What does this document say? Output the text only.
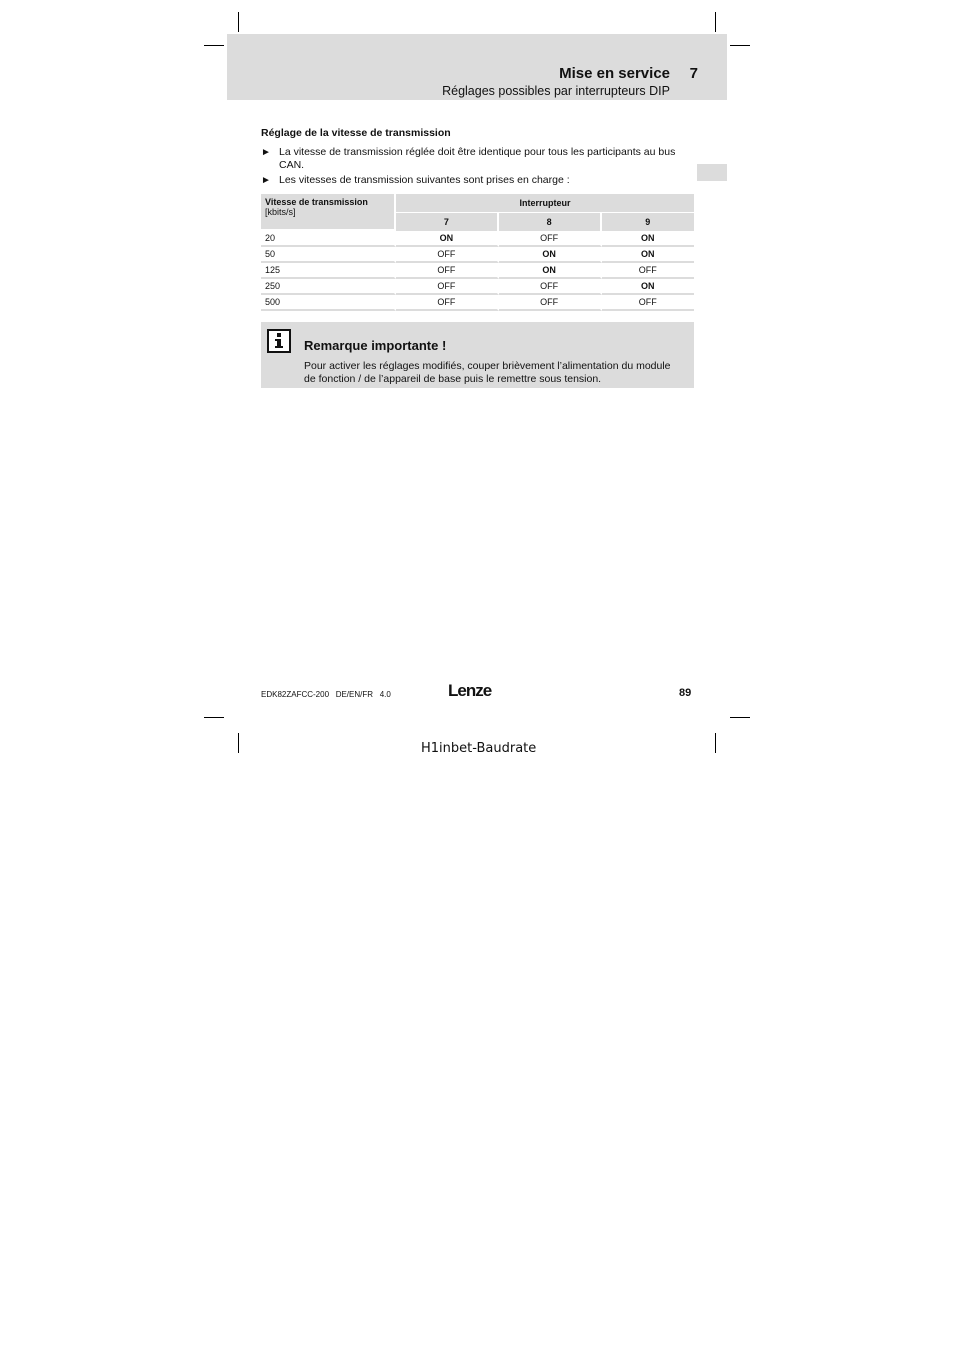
Mise en service 7
Réglages possibles par interrupteurs DIP
Réglage de la vitesse de transmission
► La vitesse de transmission réglée doit être identique pour tous les participants au bus CAN.
► Les vitesses de transmission suivantes sont prises en charge :
Vitesse de transmission
[kbits/s]	Interrupteur		
	7	8	9
20	ON	OFF	ON
50	OFF	ON	ON
125	OFF	ON	OFF
250	OFF	OFF	ON
500	OFF	OFF	OFF
Remarque importante !
Pour activer les réglages modifiés, couper brièvement l’alimentation du module de fonction / de l’appareil de base puis le remettre sous tension.
EDK82ZAFCC-200   DE/EN/FR   4.0	Lenze	89
H1inbet-Baudrate
